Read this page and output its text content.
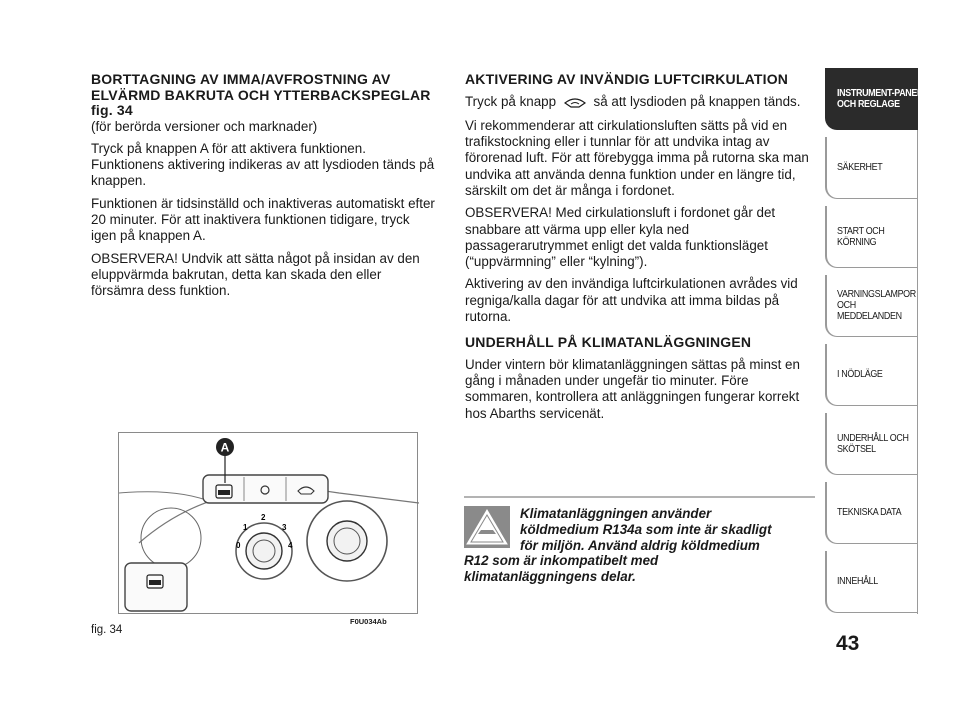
BORTTAGNING AV IMMA/AVFROSTNING AV ELVÄRMD BAKRUTA OCH YTTERBACKSPEGLAR fig. 34

(för berörda versioner och marknader)

Tryck på knappen A för att aktivera funktionen. Funktionens aktivering indikeras av att lysdioden tänds på knappen.

Funktionen är tidsinställd och inaktiveras automatiskt efter 20 minuter. För att inaktivera funktionen tidigare, tryck igen på knappen A.

OBSERVERA! Undvik att sätta något på insidan av den eluppvärmda bakrutan, detta kan skada den eller försämra dess funktion.

AKTIVERING AV INVÄNDIG LUFTCIRKULATION

Tryck på knapp	så att lysdioden på knappen tänds.

Vi rekommenderar att cirkulationsluften sätts på vid en trafikstockning eller i tunnlar för att undvika intag av förorenad luft. För att förebygga imma på rutorna ska man undvika att använda denna funktion under en längre tid, särskilt om det är många i fordonet.

OBSERVERA! Med cirkulationsluft i fordonet går det snabbare att värma upp eller kyla ned passagerarutrymmet enligt det valda funktionsläget (“uppvärmning” eller “kylning”).

Aktivering av den invändiga luftcirkulationen avrådes vid regniga/kalla dagar för att undvika att imma bildas på rutorna.

UNDERHÅLL PÅ KLIMATANLÄGGNINGEN

Under vintern bör klimatanläggningen sättas på minst en gång i månaden under ungefär tio minuter. Före sommaren, kontrollera att anläggningen fungerar korrekt hos Abarths servicenät.

A
0
1
2
3
4
fig. 34
F0U034Ab
Klimatanläggningen använder
köldmedium R134a som inte är skadligt
för miljön. Använd aldrig köldmedium
R12 som är inkompatibelt med
klimatanläggningens delar.
INSTRUMENT-PANEL OCH REGLAGE
SÄKERHET
START OCH KÖRNING
VARNINGSLAMPOR OCH MEDDELANDEN
I NÖDLÄGE
UNDERHÅLL OCH SKÖTSEL
TEKNISKA DATA
INNEHÅLL
43
